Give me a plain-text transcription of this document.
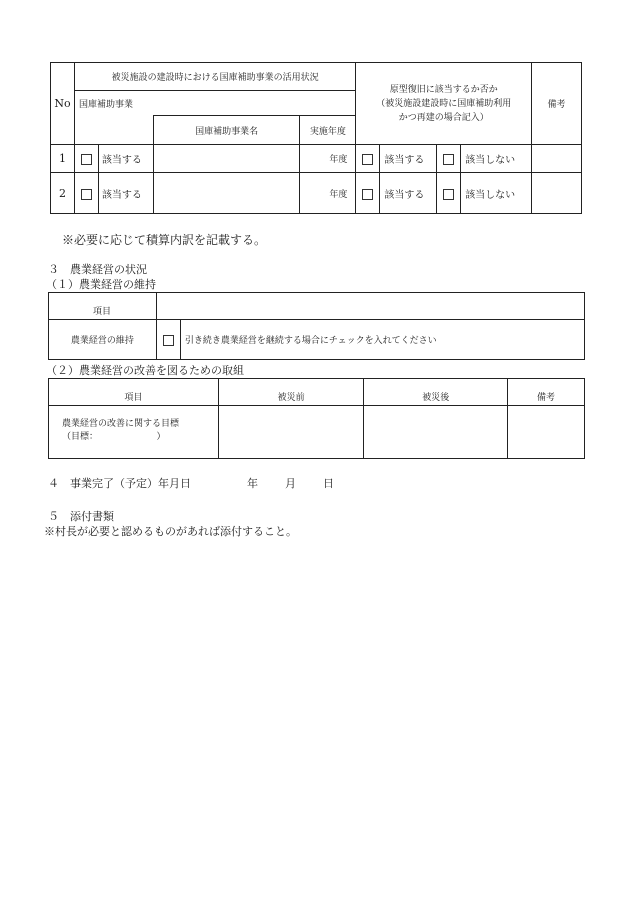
No	被災施設の建設時における国庫補助事業の活用状況				原型復旧に該当するか否か
（被災施設建設時に国庫補助利用
かつ再建の場合記入）				備考
	国庫補助事業								
			国庫補助事業名	実施年度					
1		該当する		年度		該当する		該当しない	
2		該当する		年度		該当する		該当しない	
※必要に応じて積算内訳を記載する。
３　農業経営の状況
（１）農業経営の維持
項目		
農業経営の維持		引き続き農業経営を継続する場合にチェックを入れてください
（２）農業経営の改善を図るための取組
項目	被災前	被災後	備考

農業経営の改善に関する目標
（目標：　　　　　　　）			

４　事業完了（予定）年月日	年 月 日
５　添付書類
※村長が必要と認めるものがあれば添付すること。
